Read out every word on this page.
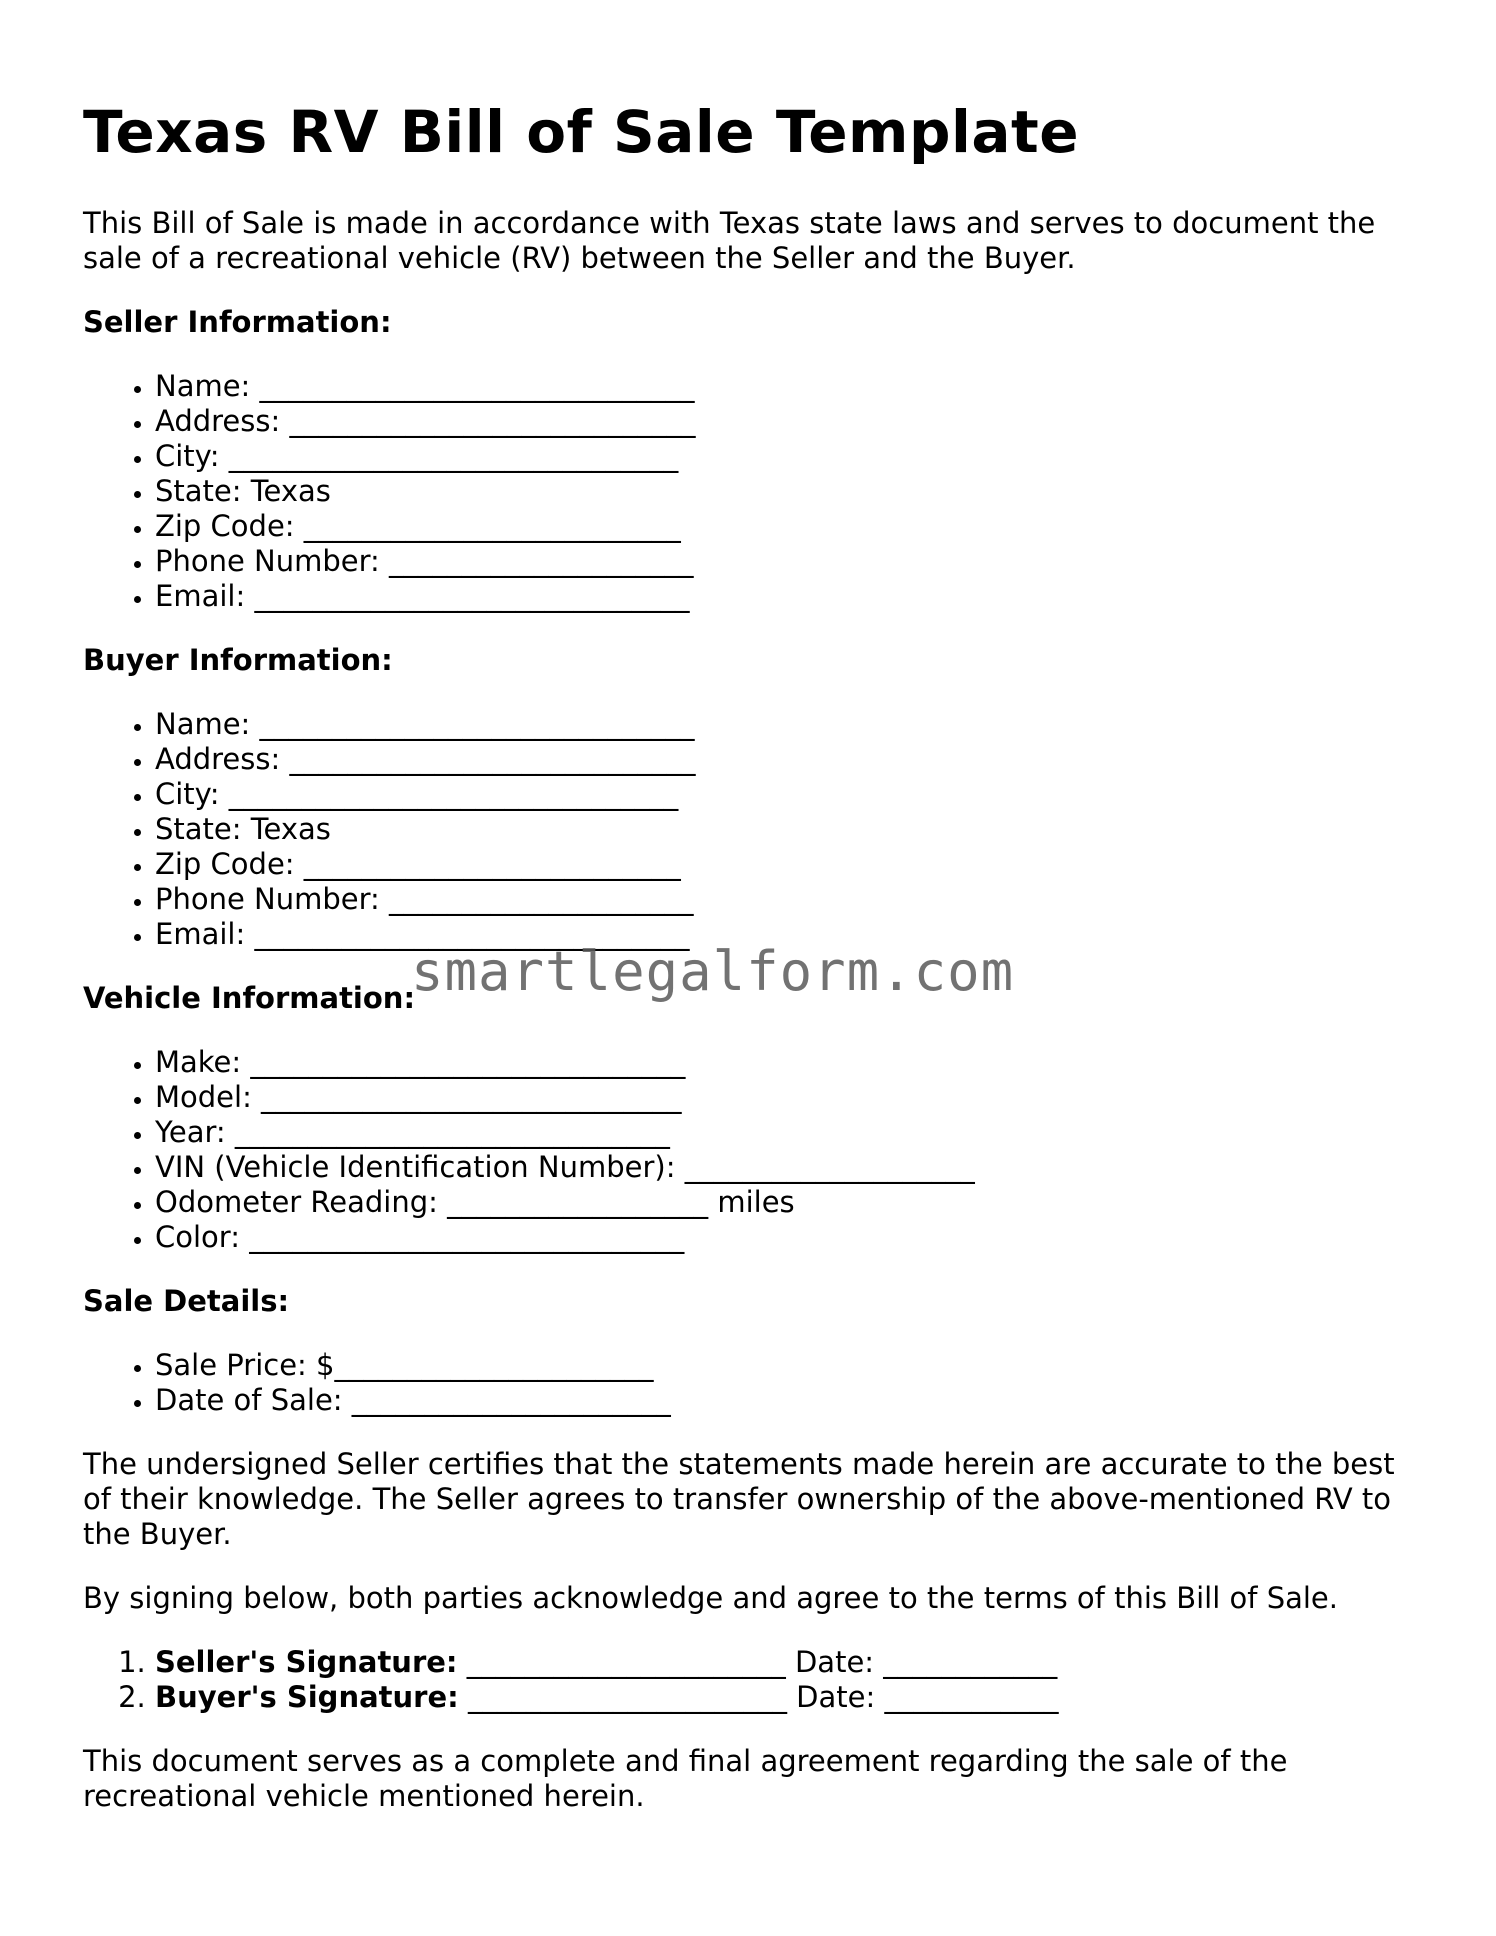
Texas RV Bill of Sale Template

This Bill of Sale is made in accordance with Texas state laws and serves to document the sale of a recreational vehicle (RV) between the Seller and the Buyer.

Seller Information:
• Name: ______________________________
• Address: ____________________________
• City: _______________________________
• State: Texas
• Zip Code: __________________________
• Phone Number: _____________________
• Email: ______________________________
Buyer Information:
• Name: ______________________________
• Address: ____________________________
• City: _______________________________
• State: Texas
• Zip Code: __________________________
• Phone Number: _____________________
• Email: ______________________________
Vehicle Information:
• Make: ______________________________
• Model: _____________________________
• Year: ______________________________
• VIN (Vehicle Identification Number): ____________________
• Odometer Reading: __________________ miles
• Color: ______________________________
Sale Details:
• Sale Price: $______________________
• Date of Sale: ______________________

The undersigned Seller certifies that the statements made herein are accurate to the best of their knowledge. The Seller agrees to transfer ownership of the above-mentioned RV to the Buyer.

By signing below, both parties acknowledge and agree to the terms of this Bill of Sale.

1. Seller's Signature: ______________________ Date: ____________
2. Buyer's Signature: ______________________ Date: ____________

This document serves as a complete and final agreement regarding the sale of the recreational vehicle mentioned herein.

smartlegalform.com
